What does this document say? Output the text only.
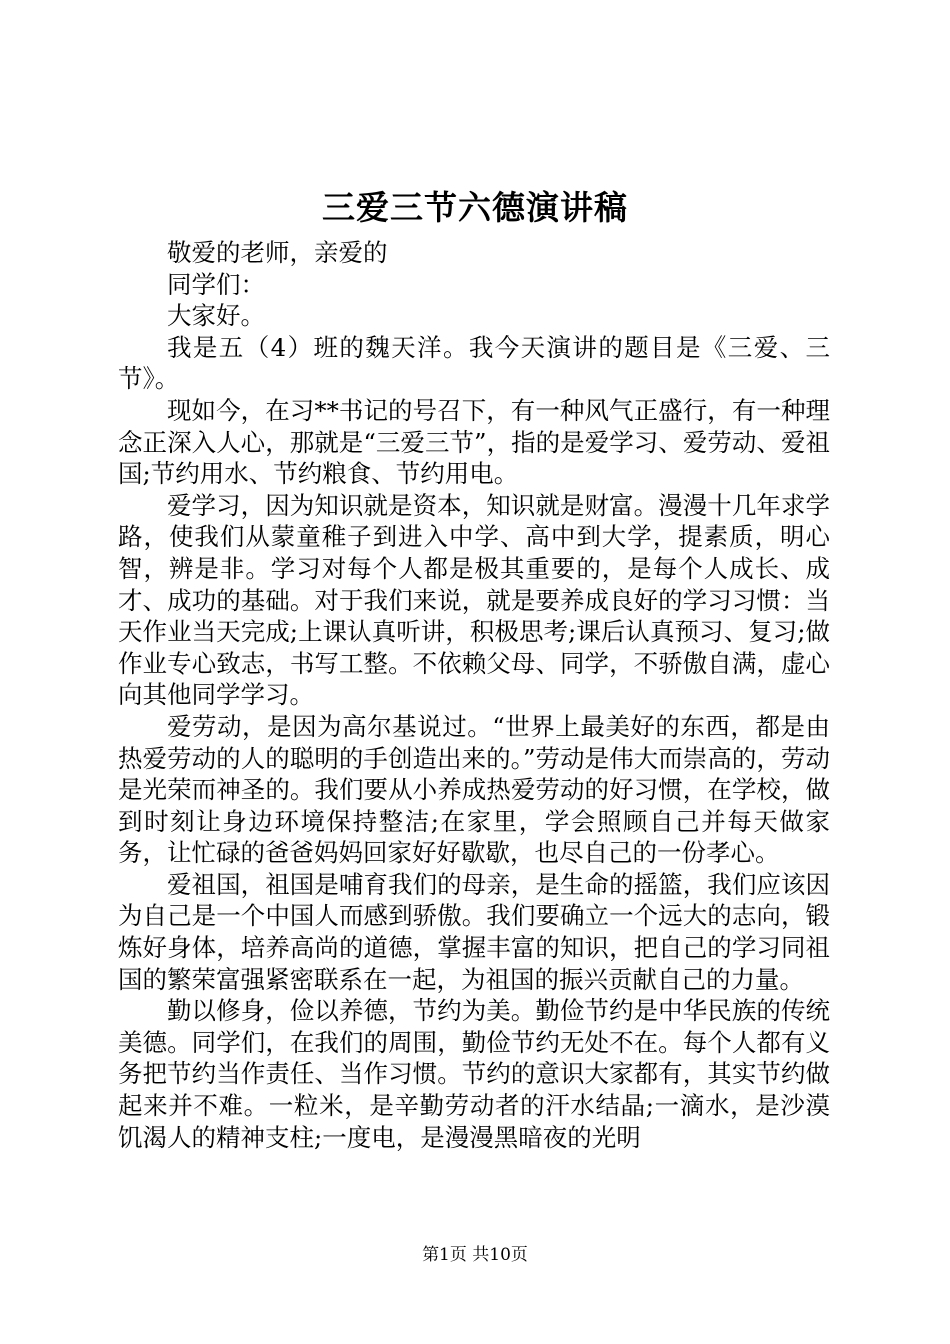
三爱三节六德演讲稿

敬爱的老师，亲爱的

同学们：

大家好。

我是五（4）班的魏天洋。我今天演讲的题目是《三爱、三节》。

现如今，在习**书记的号召下，有一种风气正盛行，有一种理念正深入人心，那就是“三爱三节”，指的是爱学习、爱劳动、爱祖国;节约用水、节约粮食、节约用电。

爱学习，因为知识就是资本，知识就是财富。漫漫十几年求学路，使我们从蒙童稚子到进入中学、高中到大学，提素质，明心智，辨是非。学习对每个人都是极其重要的，是每个人成长、成才、成功的基础。对于我们来说，就是要养成良好的学习习惯：当天作业当天完成;上课认真听讲，积极思考;课后认真预习、复习;做作业专心致志，书写工整。不依赖父母、同学，不骄傲自满，虚心向其他同学学习。

爱劳动，是因为高尔基说过。“世界上最美好的东西，都是由热爱劳动的人的聪明的手创造出来的。”劳动是伟大而崇高的，劳动是光荣而神圣的。我们要从小养成热爱劳动的好习惯，在学校，做到时刻让身边环境保持整洁;在家里，学会照顾自己并每天做家务，让忙碌的爸爸妈妈回家好好歇歇，也尽自己的一份孝心。

爱祖国，祖国是哺育我们的母亲，是生命的摇篮，我们应该因为自己是一个中国人而感到骄傲。我们要确立一个远大的志向，锻炼好身体，培养高尚的道德，掌握丰富的知识，把自己的学习同祖国的繁荣富强紧密联系在一起，为祖国的振兴贡献自己的力量。

勤以修身，俭以养德，节约为美。勤俭节约是中华民族的传统美德。同学们，在我们的周围，勤俭节约无处不在。每个人都有义务把节约当作责任、当作习惯。节约的意识大家都有，其实节约做起来并不难。一粒米，是辛勤劳动者的汗水结晶;一滴水，是沙漠饥渴人的精神支柱;一度电，是漫漫黑暗夜的光明

第1页 共10页
